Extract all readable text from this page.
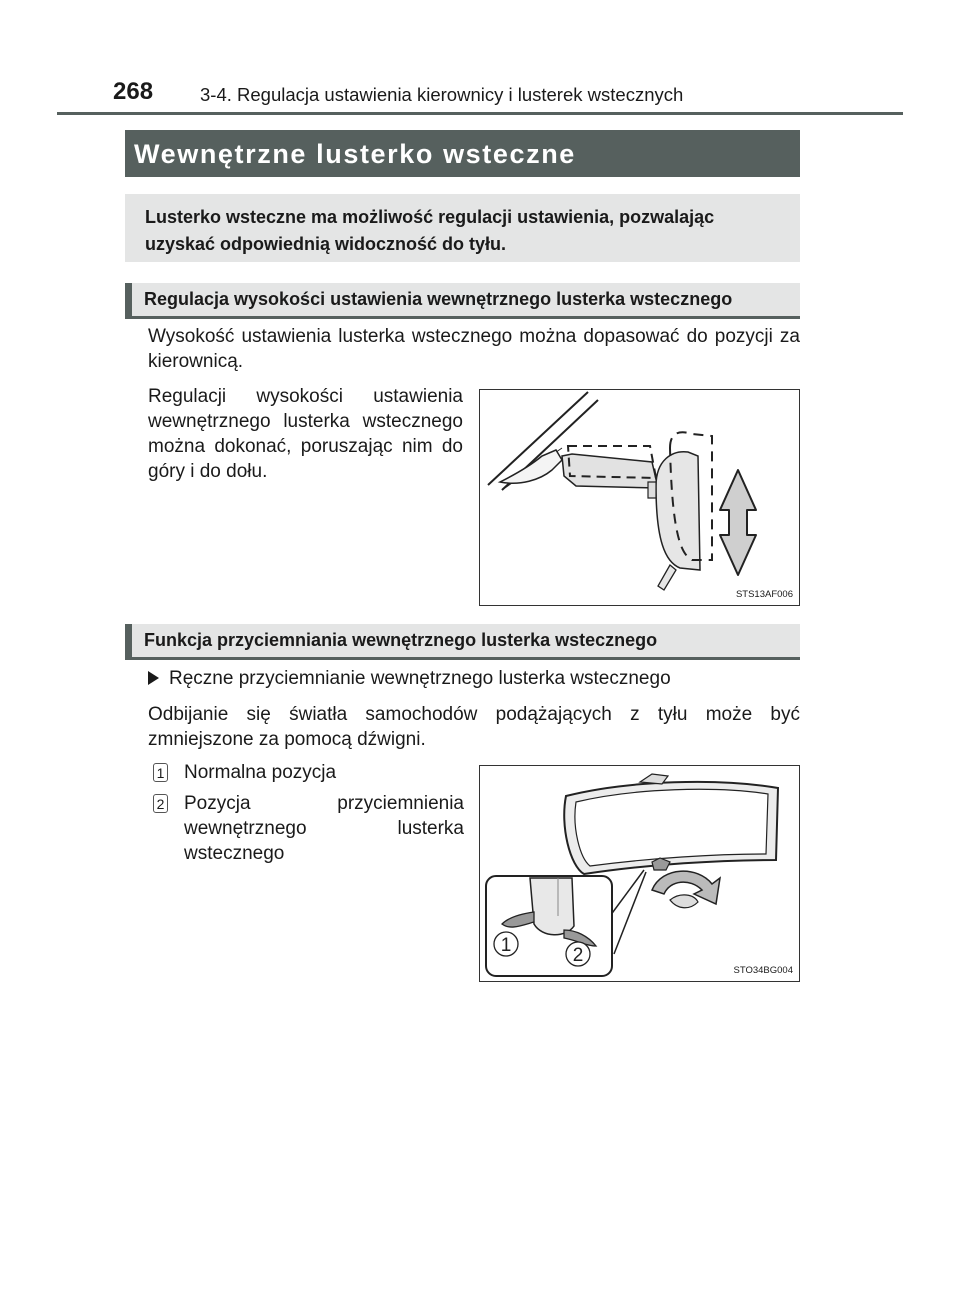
268	3-4. Regulacja ustawienia kierownicy i lusterek wstecznych
Wewnętrzne lusterko wsteczne

Lusterko wsteczne ma możliwość regulacji ustawienia, pozwalając uzyskać odpowiednią widoczność do tyłu.

Regulacja wysokości ustawienia wewnętrznego lusterka wstecznego

Wysokość ustawienia lusterka wstecznego można dopasować do pozycji za kierownicą.

Regulacji wysokości ustawienia wewnętrznego lusterka wstecznego można dokonać, poruszając nim do góry i do dołu.

STS13AF006
Funkcja przyciemniania wewnętrznego lusterka wstecznego
Ręczne przyciemnianie wewnętrznego lusterka wstecznego

Odbijanie się światła samochodów podążających z tyłu może być zmniejszone za pomocą dźwigni.

1 Normalna pozycja
2 Pozycja przyciemnienia wewnętrznego lusterka wstecznego
1	2
STO34BG004
